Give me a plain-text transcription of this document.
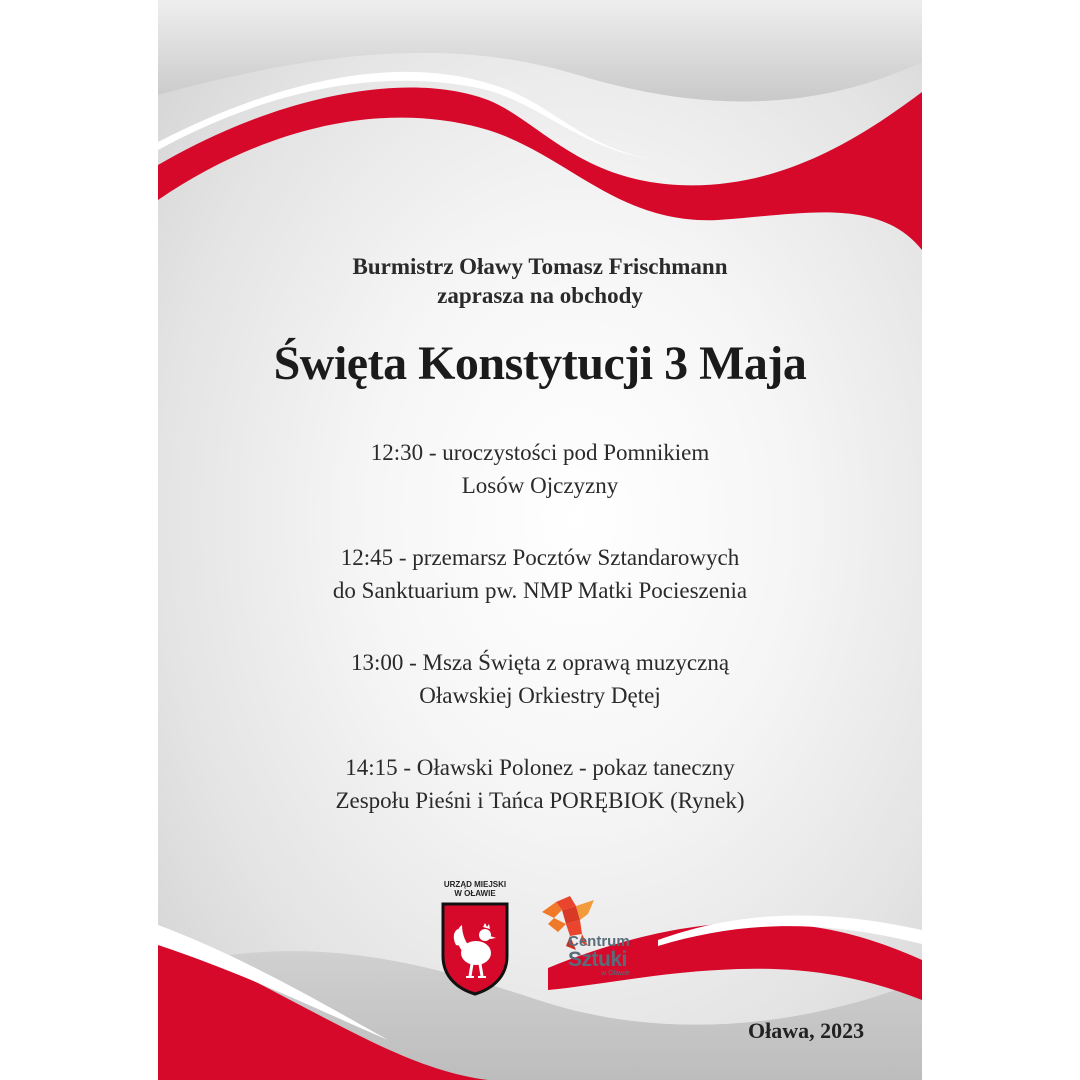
Burmistrz Oławy Tomasz Frischmann
zaprasza na obchody
Święta Konstytucji 3 Maja
12:30 - uroczystości pod Pomnikiem
Losów Ojczyzny
12:45 - przemarsz Pocztów Sztandarowych
do Sanktuarium pw. NMP Matki Pocieszenia
13:00 - Msza Święta z oprawą muzyczną
Oławskiej Orkiestry Dętej
14:15 - Oławski Polonez - pokaz taneczny
Zespołu Pieśni i Tańca PORĘBIOK (Rynek)
URZĄD MIEJSKI
W OŁAWIE
Centrum
Sztuki
w Oławie
Oława, 2023
